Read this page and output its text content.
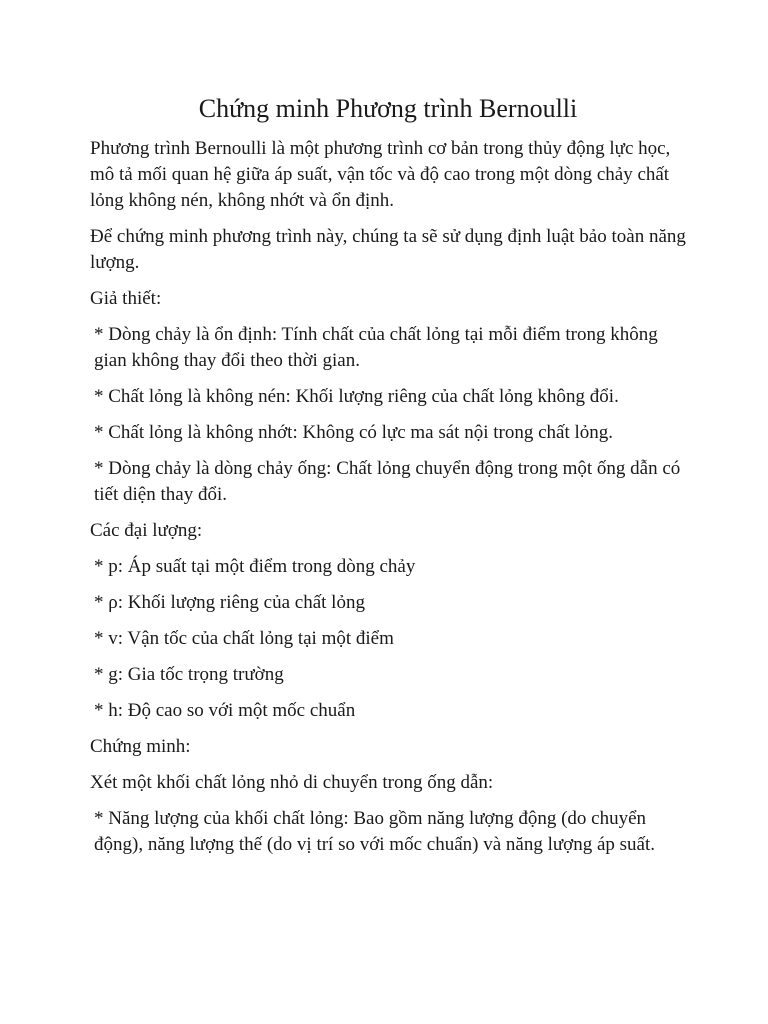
Chứng minh Phương trình Bernoulli

Phương trình Bernoulli là một phương trình cơ bản trong thủy động lực học, mô tả mối quan hệ giữa áp suất, vận tốc và độ cao trong một dòng chảy chất lỏng không nén, không nhớt và ổn định.

Để chứng minh phương trình này, chúng ta sẽ sử dụng định luật bảo toàn năng lượng.

Giả thiết:

* Dòng chảy là ổn định: Tính chất của chất lỏng tại mỗi điểm trong không gian không thay đổi theo thời gian.

* Chất lỏng là không nén: Khối lượng riêng của chất lỏng không đổi.

* Chất lỏng là không nhớt: Không có lực ma sát nội trong chất lỏng.

* Dòng chảy là dòng chảy ống: Chất lỏng chuyển động trong một ống dẫn có tiết diện thay đổi.

Các đại lượng:

* p: Áp suất tại một điểm trong dòng chảy

* ρ: Khối lượng riêng của chất lỏng

* v: Vận tốc của chất lỏng tại một điểm

* g: Gia tốc trọng trường

* h: Độ cao so với một mốc chuẩn

Chứng minh:

Xét một khối chất lỏng nhỏ di chuyển trong ống dẫn:

* Năng lượng của khối chất lỏng: Bao gồm năng lượng động (do chuyển động), năng lượng thế (do vị trí so với mốc chuẩn) và năng lượng áp suất.
